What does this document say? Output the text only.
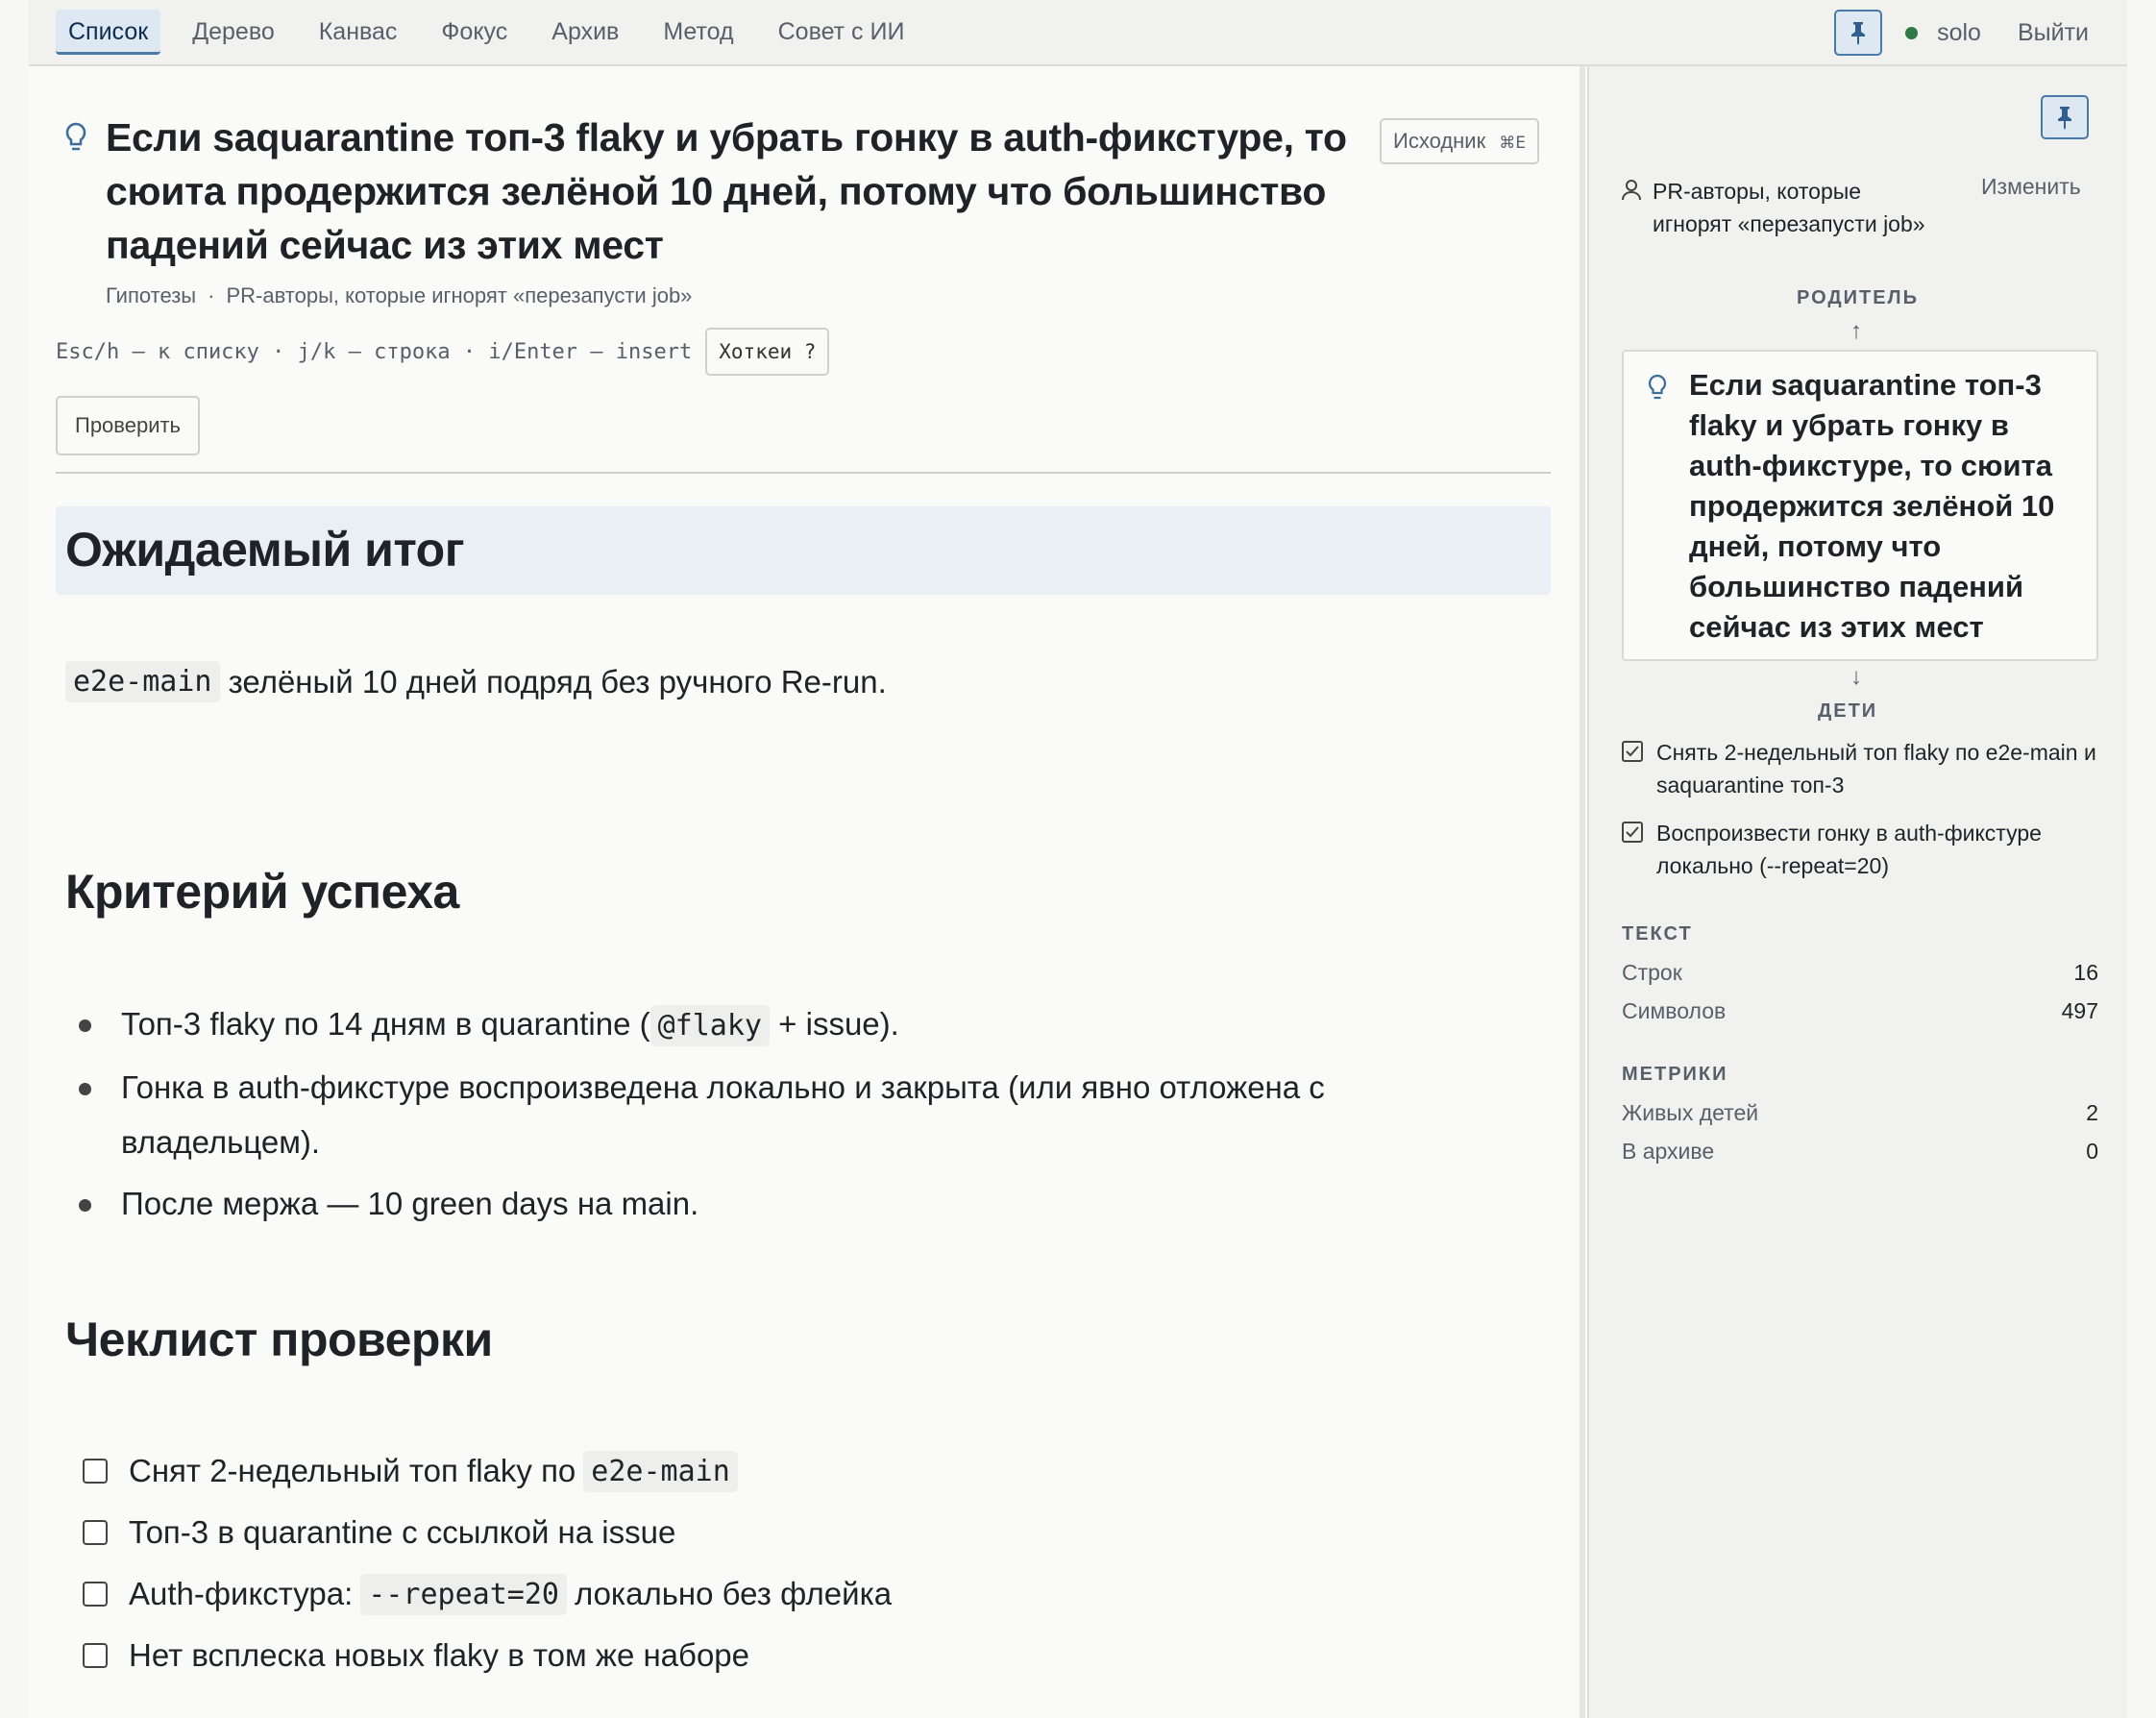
Список	Дерево	Канвас	Фокус	Архив	Метод	Совет с ИИ	solo Выйти
Если saquarantine топ-3 flaky и убрать гонку в auth-фикстуре, то сюита продержится зелёной 10 дней, потому что большинство падений сейчас из этих мест
Исходник ⌘E
Гипотезы · PR-авторы, которые игнорят «перезапусти job»
Esc/h — к списку · j/k — строка · i/Enter — insert	Хоткеи ?
Проверить
Ожидаемый итог

e2e-main
зелёный 10 дней подряд без ручного Re-run.

Критерий успеха
Топ-3 flaky по 14 дням в quarantine ( @flaky + issue).
Гонка в auth-фикстуре воспроизведена локально и закрыта (или явно отложена с владельцем).
После мержа — 10 green days на main.
Чеклист проверки
Снят 2-недельный топ flaky по e2e-main
Топ-3 в quarantine с ссылкой на issue
Auth-фикстура: --repeat=20 локально без флейка
Нет всплеска новых flaky в том же наборе
PR-авторы, которые игнорят «перезапусти job»
Изменить
РОДИТЕЛЬ
↑
Если saquarantine топ-3 flaky и убрать гонку в auth-фикстуре, то сюита продержится зелёной 10 дней, потому что большинство падений сейчас из этих мест
↓
ДЕТИ
Снять 2-недельный топ flaky по e2e-main и saquarantine топ-3
Воспроизвести гонку в auth-фикстуре локально (--repeat=20)
ТЕКСТ
Строк	16
Символов	497
МЕТРИКИ
Живых детей	2
В архиве	0
